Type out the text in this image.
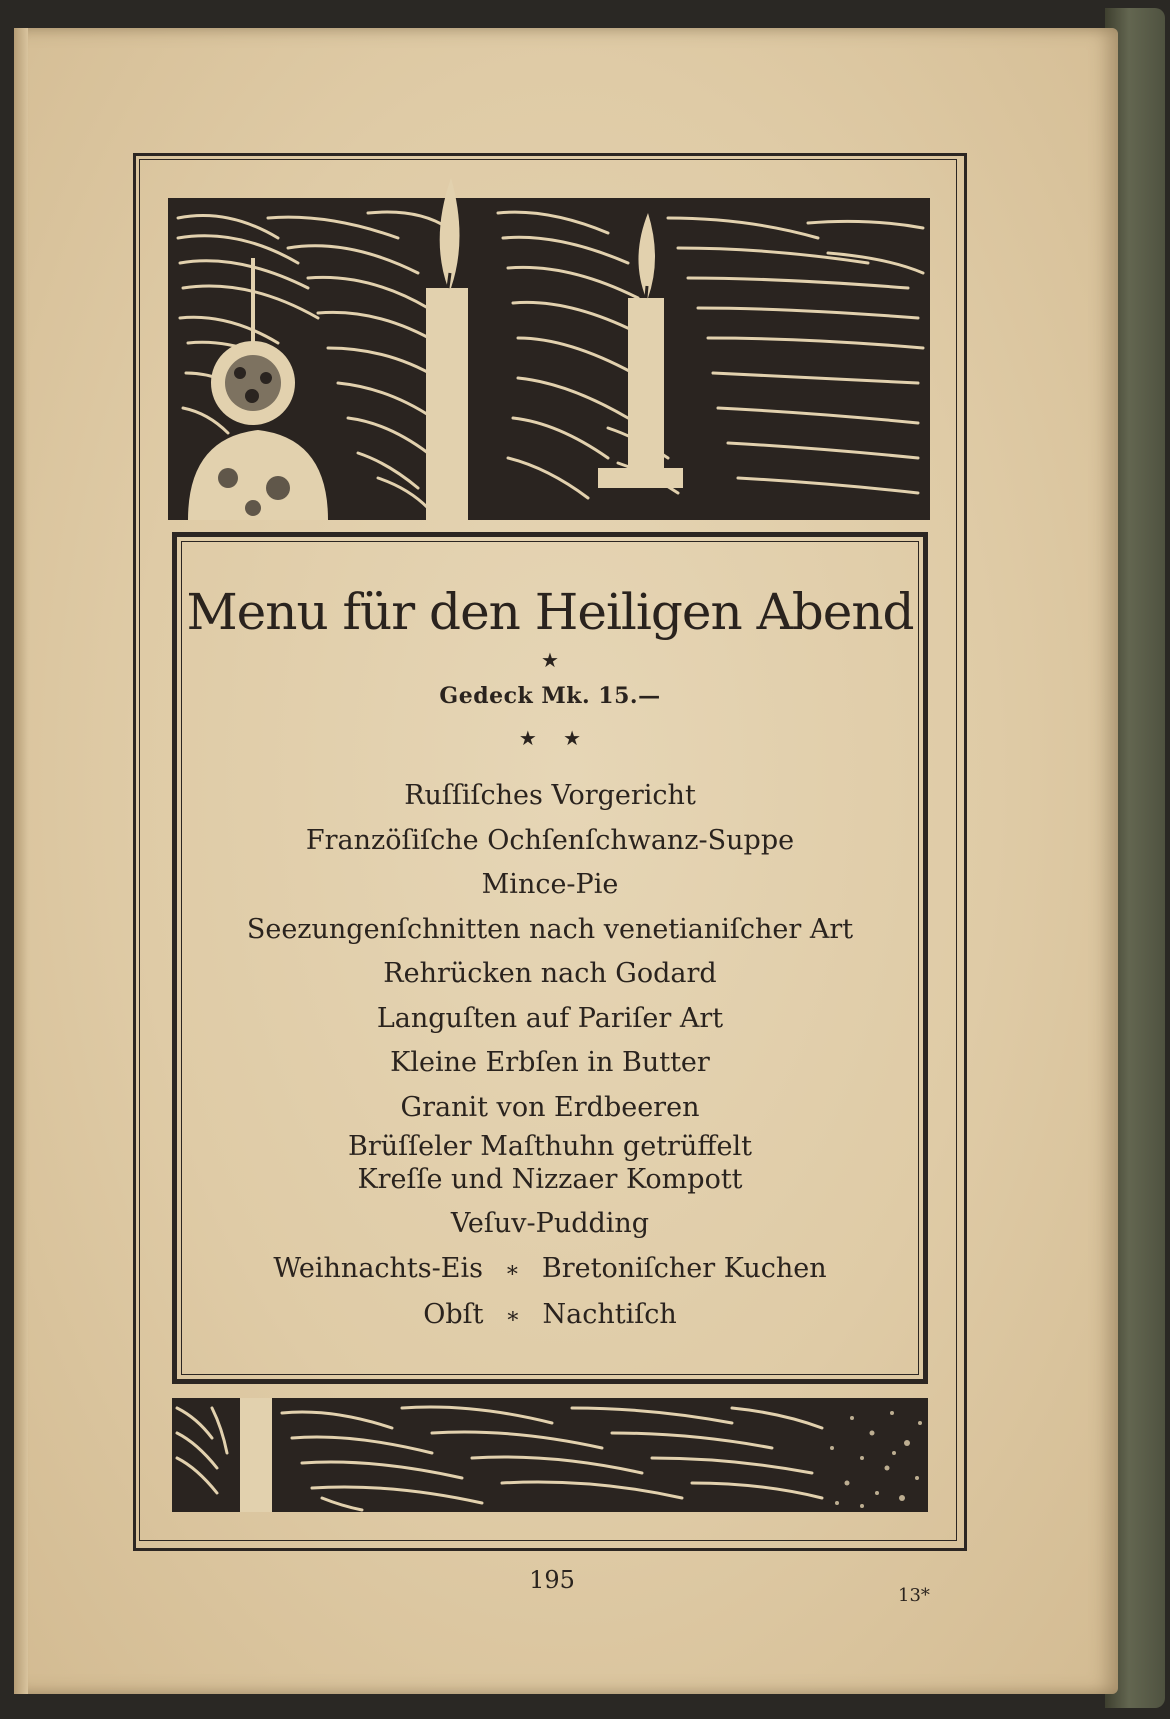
Menu für den Heiligen Abend
★
Gedeck Mk. 15.—
★ ★
Ruſſiſches Vorgericht
Franzöſiſche Ochſenſchwanz-Suppe
Mince-Pie
Seezungenſchnitten nach venetianiſcher Art
Rehrücken nach Godard
Languſten auf Pariſer Art
Kleine Erbſen in Butter
Granit von Erdbeeren
Brüſſeler Maſthuhn getrüffelt
Kreſſe und Nizzaer Kompott
Veſuv-Pudding
Weihnachts-Eis ∗ Bretoniſcher Kuchen
Obſt ∗ Nachtiſch
195
13*
